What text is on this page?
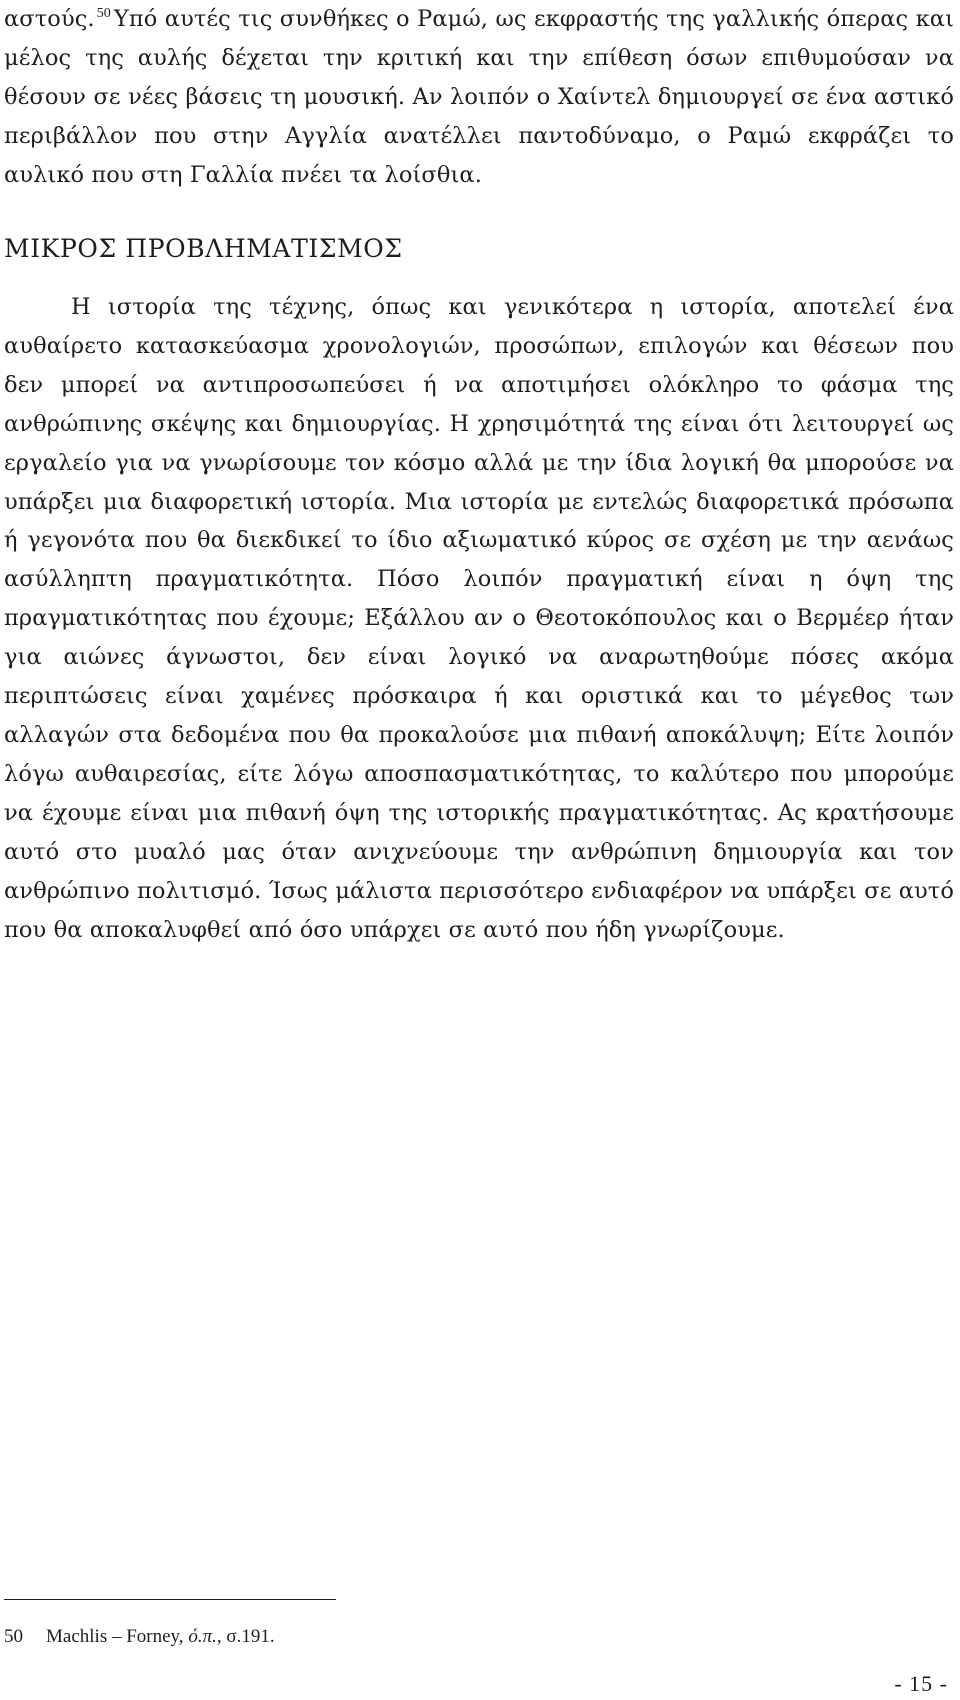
αστούς. $^{50}$ Υπό αυτές τις συνθήκες ο Ραμώ, ως εκφραστής της γαλλικής όπερας και μέλος της αυλής δέχεται την κριτική και την επίθεση όσων επιθυμούσαν να θέσουν σε νέες βάσεις τη μουσική. Αν λοιπόν ο Χαίντελ δημιουργεί σε ένα αστικό περιβάλλον που στην Αγγλία ανατέλλει παντοδύναμο, ο Ραμώ εκφράζει το αυλικό που στη Γαλλία πνέει τα λοίσθια.
ΜΙΚΡΟΣ ΠΡΟΒΛΗΜΑΤΙΣΜΟΣ
Η ιστορία της τέχνης, όπως και γενικότερα η ιστορία, αποτελεί ένα αυθαίρετο κατασκεύασμα χρονολογιών, προσώπων, επιλογών και θέσεων που δεν μπορεί να αντιπροσωπεύσει ή να αποτιμήσει ολόκληρο το φάσμα της ανθρώπινης σκέψης και δημιουργίας. Η χρησιμότητά της είναι ότι λειτουργεί ως εργαλείο για να γνωρίσουμε τον κόσμο αλλά με την ίδια λογική θα μπορούσε να υπάρξει μια διαφορετική ιστορία. Μια ιστορία με εντελώς διαφορετικά πρόσωπα ή γεγονότα που θα διεκδικεί το ίδιο αξιωματικό κύρος σε σχέση με την αενάως ασύλληπτη πραγματικότητα. Πόσο λοιπόν πραγματική είναι η όψη της πραγματικότητας που έχουμε; Εξάλλου αν ο Θεοτοκόπουλος και ο Βερμέερ ήταν για αιώνες άγνωστοι, δεν είναι λογικό να αναρωτηθούμε πόσες ακόμα περιπτώσεις είναι χαμένες πρόσκαιρα ή και οριστικά και το μέγεθος των αλλαγών στα δεδομένα που θα προκαλούσε μια πιθανή αποκάλυψη; Είτε λοιπόν λόγω αυθαιρεσίας, είτε λόγω αποσπασματικότητας, το καλύτερο που μπορούμε να έχουμε είναι μια πιθανή όψη της ιστορικής πραγματικότητας. Ας κρατήσουμε αυτό στο μυαλό μας όταν ανιχνεύουμε την ανθρώπινη δημιουργία και τον ανθρώπινο πολιτισμό. Ίσως μάλιστα περισσότερο ενδιαφέρον να υπάρξει σε αυτό που θα αποκαλυφθεί από όσο υπάρχει σε αυτό που ήδη γνωρίζουμε.
50 Machlis – Forney, ό.π., σ.191.
- 15 -
